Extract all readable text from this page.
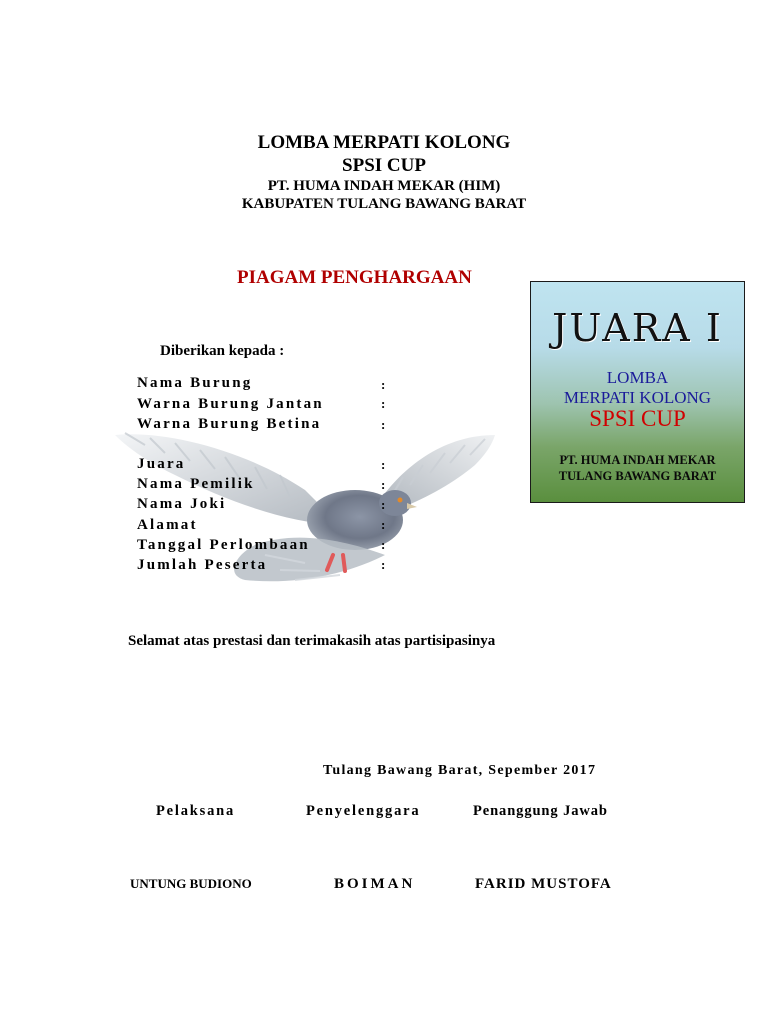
LOMBA MERPATI KOLONG
SPSI CUP
PT. HUMA INDAH MEKAR (HIM)
KABUPATEN TULANG BAWANG BARAT
PIAGAM PENGHARGAAN
JUARA I
LOMBA
MERPATI KOLONG
SPSI CUP
PT. HUMA INDAH MEKAR
TULANG BAWANG BARAT
Diberikan kepada :
Nama Burung	:
Warna Burung Jantan	:
Warna Burung Betina	:
Juara	:
Nama Pemilik	:
Nama Joki	:
Alamat	:
Tanggal Perlombaan	:
Jumlah Peserta	:
Selamat atas prestasi dan terimakasih atas partisipasinya
Tulang Bawang Barat, Sepember 2017
Pelaksana	Penyelenggara	Penanggung Jawab
UNTUNG BUDIONO	BOIMAN	FARID MUSTOFA
